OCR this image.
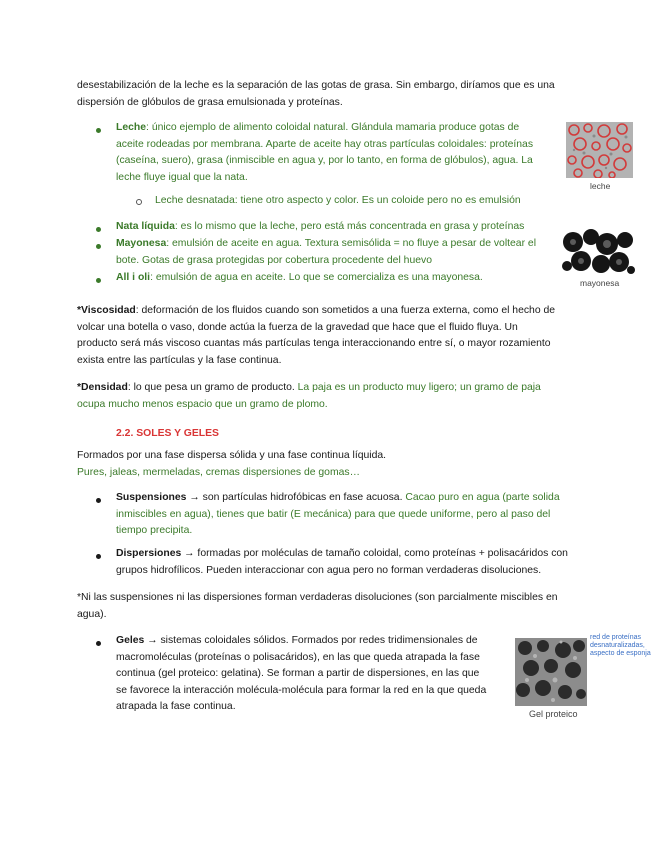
desestabilización de la leche es la separación de las gotas de grasa. Sin embargo, diríamos que es una
dispersión de glóbulos de grasa emulsionada y proteínas.

Leche: único ejemplo de alimento coloidal natural. Glándula mamaria produce gotas de
aceite rodeadas por membrana. Aparte de aceite hay otras partículas coloidales: proteínas
(caseína, suero), grasa (inmiscible en agua y, por lo tanto, en forma de glóbulos), agua. La
leche fluye igual que la nata.

Leche desnatada: tiene otro aspecto y color. Es un coloide pero no es emulsión

Nata líquida: es lo mismo que la leche, pero está más concentrada en grasa y proteínas

Mayonesa: emulsión de aceite en agua. Textura semisólida = no fluye a pesar de voltear el
bote. Gotas de grasa protegidas por cobertura procedente del huevo

All i oli: emulsión de agua en aceite. Lo que se comercializa es una mayonesa.

*Viscosidad: deformación de los fluidos cuando son sometidos a una fuerza externa, como el hecho de
volcar una botella o vaso, donde actúa la fuerza de la gravedad que hace que el fluido fluya. Un
producto será más viscoso cuantas más partículas tenga interaccionando entre sí, o mayor rozamiento
exista entre las partículas y la fase continua.

*Densidad: lo que pesa un gramo de producto. La paja es un producto muy ligero; un gramo de paja
ocupa mucho menos espacio que un gramo de plomo.

2.2. SOLES Y GELES

Formados por una fase dispersa sólida y una fase continua líquida.
Pures, jaleas, mermeladas, cremas dispersiones de gomas…

Suspensiones → son partículas hidrofóbicas en fase acuosa. Cacao puro en agua (parte solida
inmiscibles en agua), tienes que batir (E mecánica) para que quede uniforme, pero al paso del
tiempo precipita.

Dispersiones → formadas por moléculas de tamaño coloidal, como proteínas + polisacáridos con
grupos hidrofílicos. Pueden interaccionar con agua pero no forman verdaderas disoluciones.

*Ni las suspensiones ni las dispersiones forman verdaderas disoluciones (son parcialmente miscibles en
agua).

Geles → sistemas coloidales sólidos. Formados por redes tridimensionales de
macromoléculas (proteínas o polisacáridos), en las que queda atrapada la fase
continua (gel proteico: gelatina). Se forman a partir de dispersiones, en las que
se favorece la interacción molécula-molécula para formar la red en la que queda
atrapada la fase continua.

leche
mayonesa
Gel proteico
red de proteínas
desnaturalizadas,
aspecto de esponja
